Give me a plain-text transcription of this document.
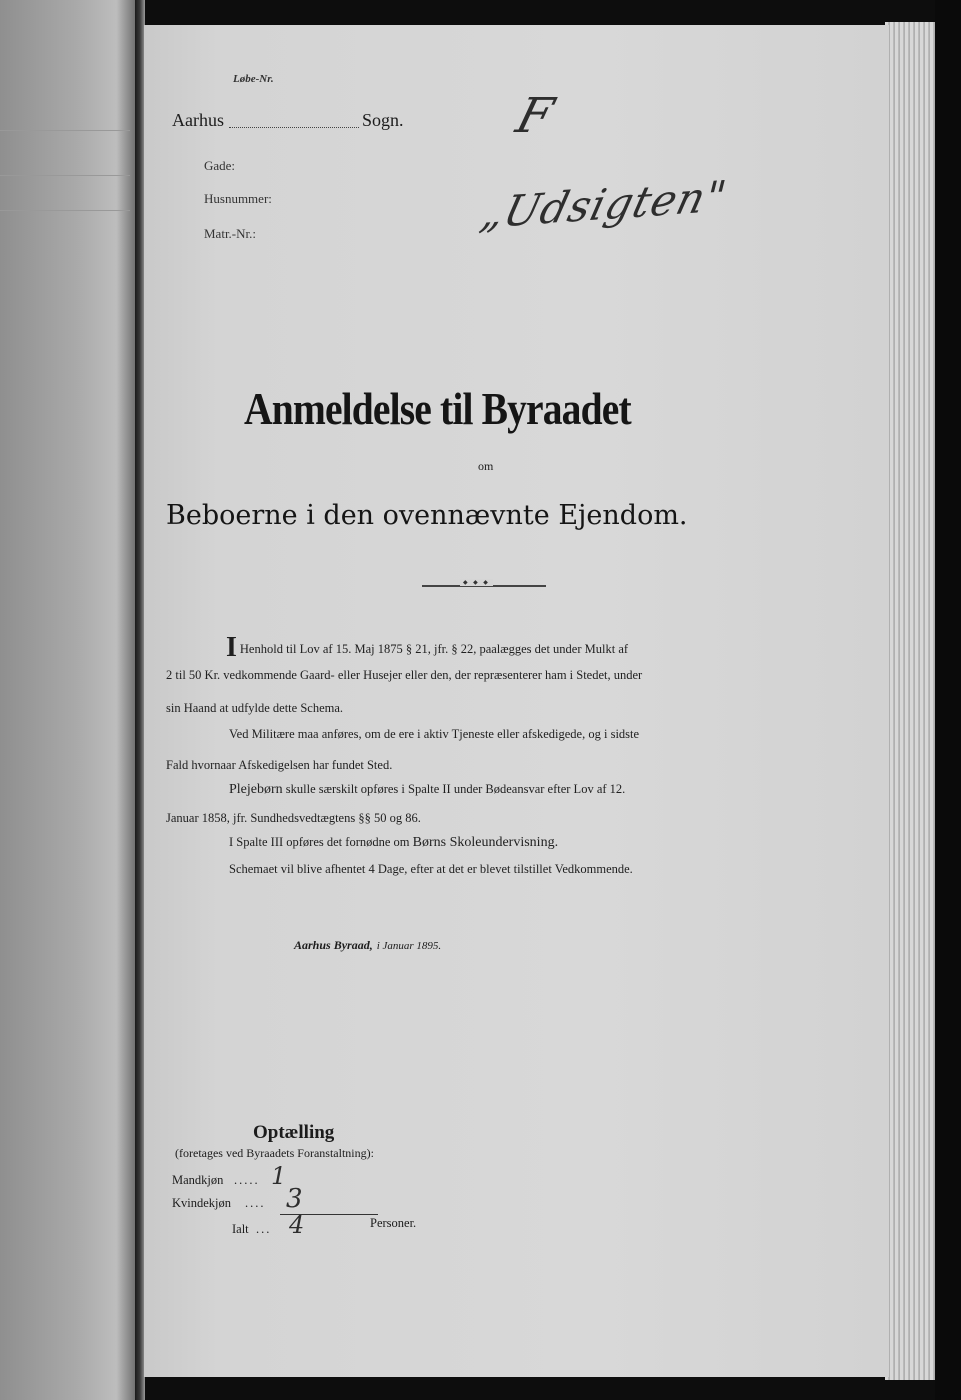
Løbe-Nr.
Aarhus	Sogn.
Gade:
Husnummer:
Matr.-Nr.:
F
„Udsigten"
Anmeldelse til Byraadet
om
Beboerne i den ovennævnte Ejendom.
◆ ◆ ◆
I Henhold til Lov af 15. Maj 1875 § 21, jfr. § 22, paalægges det under Mulkt af
2 til 50 Kr. vedkommende Gaard- eller Husejer eller den, der repræsenterer ham i Stedet, under
sin Haand at udfylde dette Schema.
Ved Militære maa anføres, om de ere i aktiv Tjeneste eller afskedigede, og i sidste
Fald hvornaar Afskedigelsen har fundet Sted.
Plejebørn skulle særskilt opføres i Spalte II under Bødeansvar efter Lov af 12.
Januar 1858, jfr. Sundhedsvedtægtens §§ 50 og 86.
I Spalte III opføres det fornødne om Børns Skoleundervisning.
Schemaet vil blive afhentet 4 Dage, efter at det er blevet tilstillet Vedkommende.
Aarhus Byraad, i Januar 1895.
Optælling
(foretages ved Byraadets Foranstaltning):
Mandkjøn ..... 1
Kvindekjøn .... 3
Ialt ... 4	Personer.
